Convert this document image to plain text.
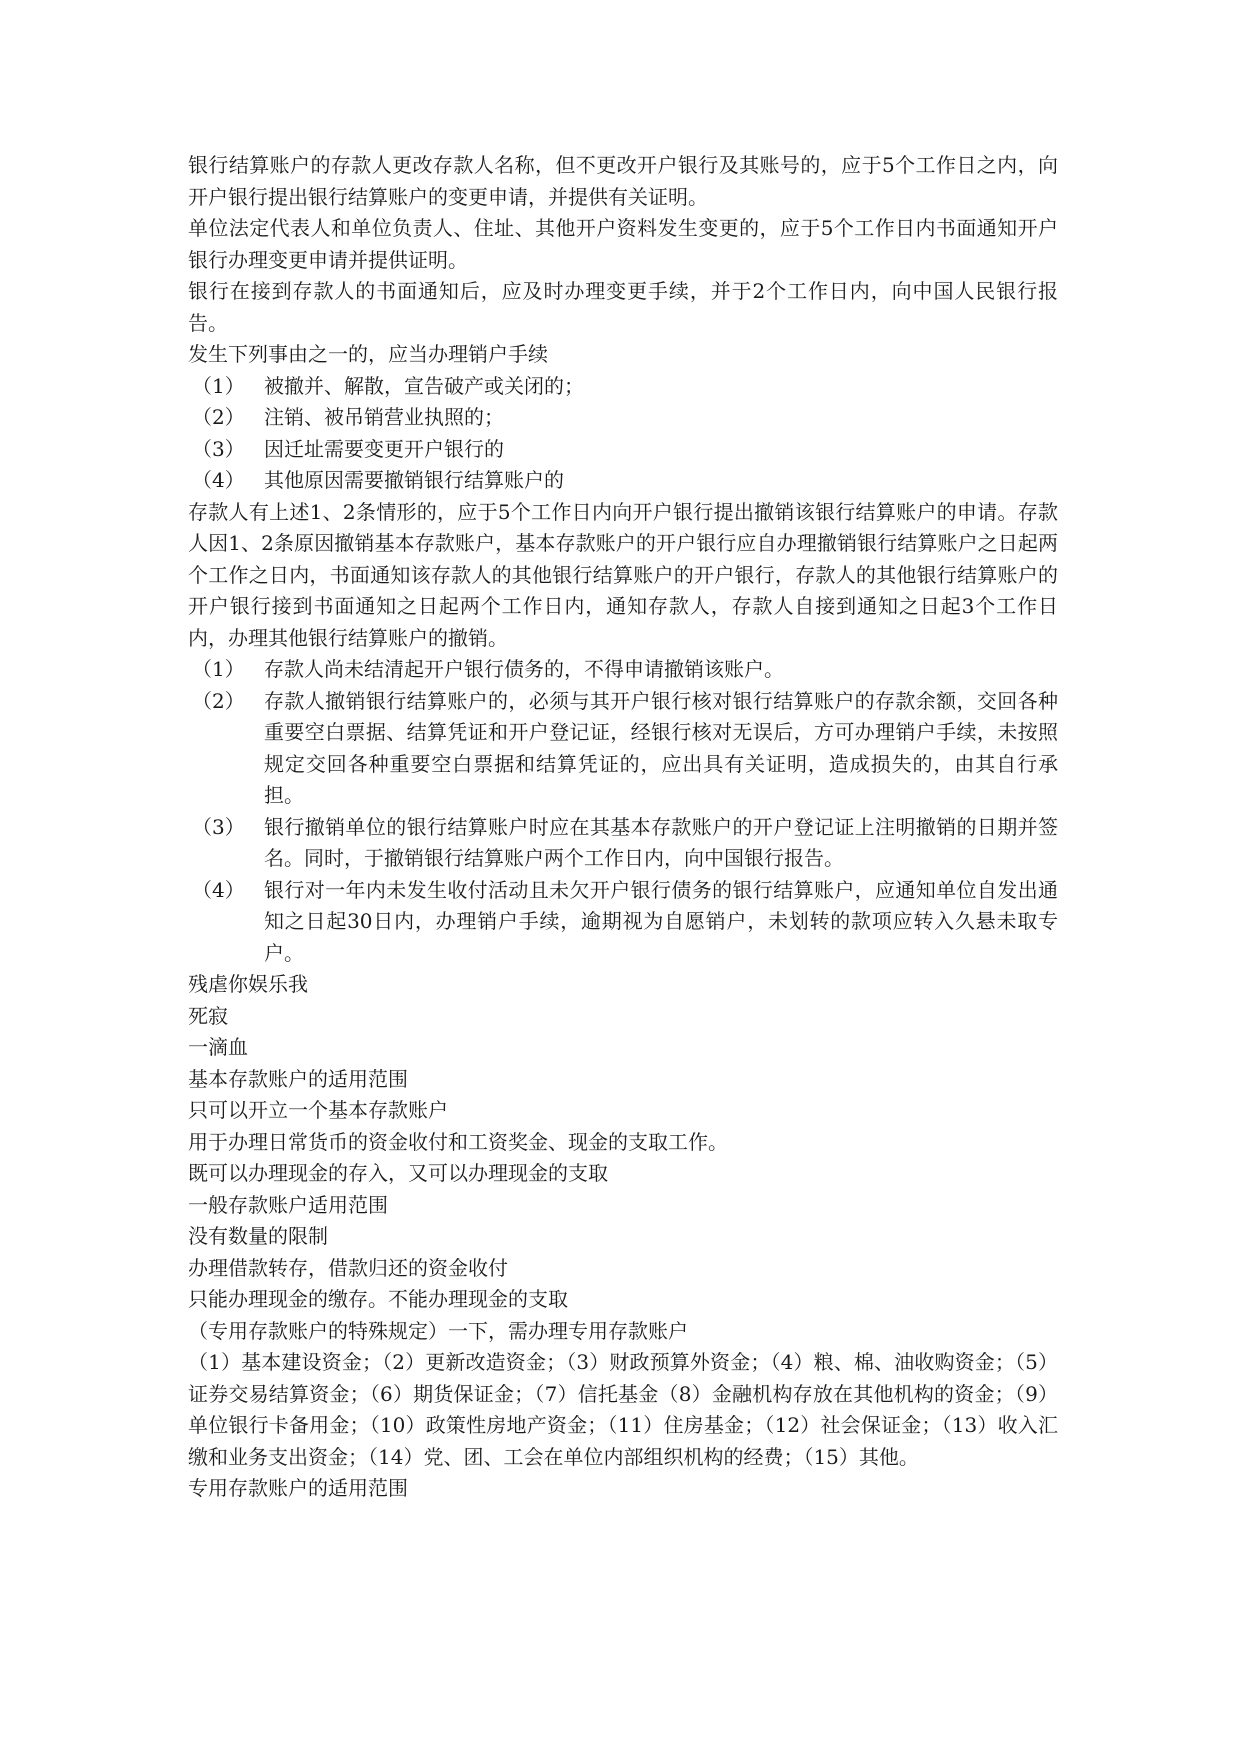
银行结算账户的存款人更改存款人名称，但不更改开户银行及其账号的，应于5个工作日之内，向开户银行提出银行结算账户的变更申请，并提供有关证明。

单位法定代表人和单位负责人、住址、其他开户资料发生变更的，应于5个工作日内书面通知开户银行办理变更申请并提供证明。

银行在接到存款人的书面通知后，应及时办理变更手续，并于2个工作日内，向中国人民银行报告。

发生下列事由之一的，应当办理销户手续

（1） 被撤并、解散，宣告破产或关闭的；
（2） 注销、被吊销营业执照的；
（3） 因迁址需要变更开户银行的
（4） 其他原因需要撤销银行结算账户的

存款人有上述1、2条情形的，应于5个工作日内向开户银行提出撤销该银行结算账户的申请。存款人因1、2条原因撤销基本存款账户，基本存款账户的开户银行应自办理撤销银行结算账户之日起两个工作之日内，书面通知该存款人的其他银行结算账户的开户银行，存款人的其他银行结算账户的开户银行接到书面通知之日起两个工作日内，通知存款人，存款人自接到通知之日起3个工作日内，办理其他银行结算账户的撤销。

（1） 存款人尚未结清起开户银行债务的，不得申请撤销该账户。
（2） 存款人撤销银行结算账户的，必须与其开户银行核对银行结算账户的存款余额，交回各种重要空白票据、结算凭证和开户登记证，经银行核对无误后，方可办理销户手续，未按照规定交回各种重要空白票据和结算凭证的，应出具有关证明，造成损失的，由其自行承担。
（3） 银行撤销单位的银行结算账户时应在其基本存款账户的开户登记证上注明撤销的日期并签名。同时，于撤销银行结算账户两个工作日内，向中国银行报告。
（4） 银行对一年内未发生收付活动且未欠开户银行债务的银行结算账户，应通知单位自发出通知之日起30日内，办理销户手续，逾期视为自愿销户，未划转的款项应转入久悬未取专户。

残虐你娱乐我

死寂

一滴血

基本存款账户的适用范围

只可以开立一个基本存款账户

用于办理日常货币的资金收付和工资奖金、现金的支取工作。

既可以办理现金的存入，又可以办理现金的支取

一般存款账户适用范围

没有数量的限制

办理借款转存，借款归还的资金收付

只能办理现金的缴存。不能办理现金的支取

（专用存款账户的特殊规定）一下，需办理专用存款账户

（1）基本建设资金；（2）更新改造资金；（3）财政预算外资金；（4）粮、棉、油收购资金；（5）证券交易结算资金；（6）期货保证金；（7）信托基金（8）金融机构存放在其他机构的资金；（9）单位银行卡备用金；（10）政策性房地产资金；（11）住房基金；（12）社会保证金；（13）收入汇缴和业务支出资金；（14）党、团、工会在单位内部组织机构的经费；（15）其他。

专用存款账户的适用范围
